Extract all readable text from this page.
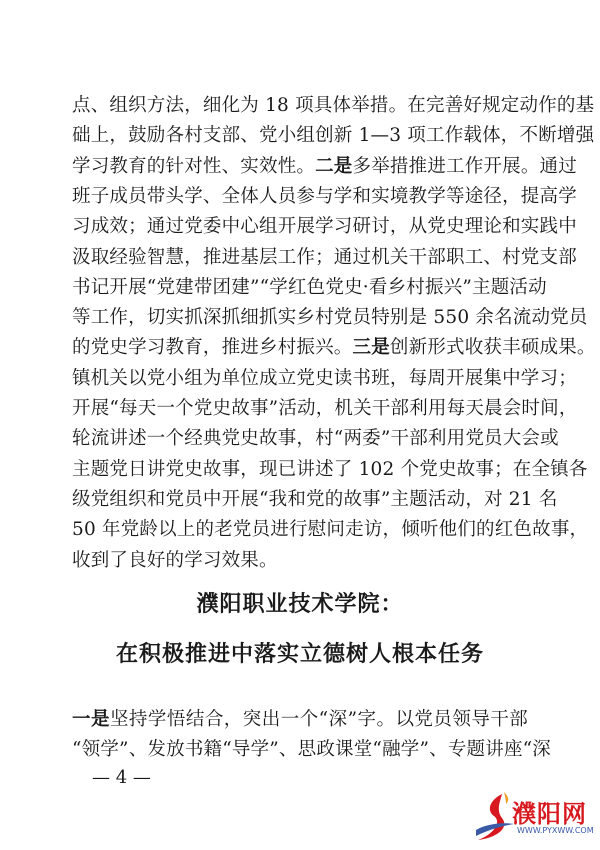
点、组织方法，细化为 18 项具体举措。在完善好规定动作的基
础上，鼓励各村支部、党小组创新 1—3 项工作载体，不断增强
学习教育的针对性、实效性。二是多举措推进工作开展。通过
班子成员带头学、全体人员参与学和实境教学等途径，提高学
习成效；通过党委中心组开展学习研讨，从党史理论和实践中
汲取经验智慧，推进基层工作；通过机关干部职工、村党支部
书记开展“党建带团建”“学红色党史·看乡村振兴”主题活动
等工作，切实抓深抓细抓实乡村党员特别是 550 余名流动党员
的党史学习教育，推进乡村振兴。三是创新形式收获丰硕成果。
镇机关以党小组为单位成立党史读书班，每周开展集中学习；
开展“每天一个党史故事”活动，机关干部利用每天晨会时间，
轮流讲述一个经典党史故事，村“两委”干部利用党员大会或
主题党日讲党史故事，现已讲述了 102 个党史故事；在全镇各
级党组织和党员中开展“我和党的故事”主题活动，对 21 名
50 年党龄以上的老党员进行慰问走访，倾听他们的红色故事，
收到了良好的学习效果。
濮阳职业技术学院：
在积极推进中落实立德树人根本任务
一是坚持学悟结合，突出一个“深”字。以党员领导干部
“领学”、发放书籍“导学”、思政课堂“融学”、专题讲座“深
— 4 —
濮阳网
WWW.PYXWW.COM
